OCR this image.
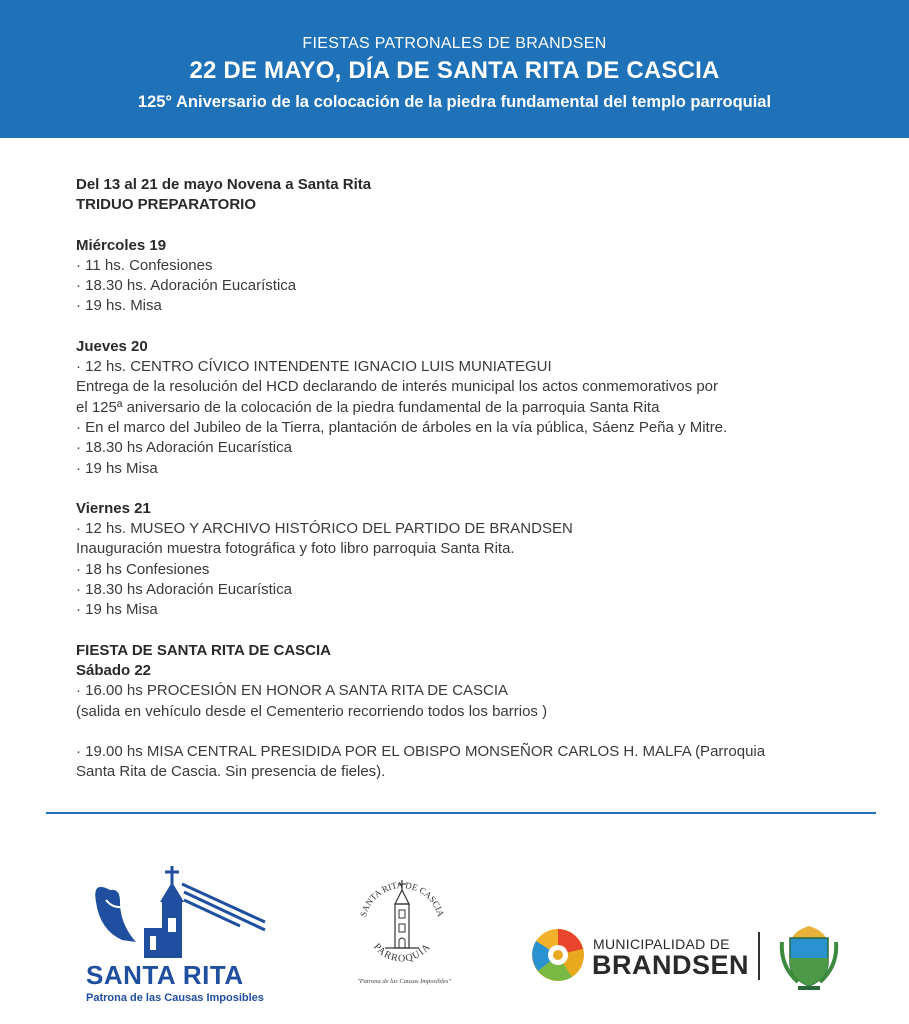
FIESTAS PATRONALES DE BRANDSEN
22 DE MAYO, DÍA DE SANTA RITA DE CASCIA
125° Aniversario de la colocación de la piedra fundamental del templo parroquial
Del 13 al 21 de mayo Novena a Santa Rita
TRIDUO PREPARATORIO
Miércoles 19
· 11 hs. Confesiones
· 18.30 hs. Adoración Eucarística
· 19 hs. Misa
Jueves 20
· 12 hs. CENTRO CÍVICO INTENDENTE IGNACIO LUIS MUNIATEGUI
Entrega de la resolución del HCD declarando de interés municipal los actos conmemorativos por
el 125ª aniversario de la colocación de la piedra fundamental de la parroquia Santa Rita
· En el marco del Jubileo de la Tierra, plantación de árboles en la vía pública, Sáenz Peña y Mitre.
· 18.30 hs Adoración Eucarística
· 19 hs Misa
Viernes 21
· 12 hs. MUSEO Y ARCHIVO HISTÓRICO DEL PARTIDO DE BRANDSEN
Inauguración muestra fotográfica y foto libro parroquia Santa Rita.
· 18 hs Confesiones
· 18.30 hs Adoración Eucarística
· 19 hs Misa
FIESTA DE SANTA RITA DE CASCIA
Sábado 22
· 16.00 hs PROCESIÓN EN HONOR A SANTA RITA DE CASCIA
(salida en vehículo desde el Cementerio recorriendo todos los barrios )
· 19.00 hs MISA CENTRAL PRESIDIDA POR EL OBISPO MONSEÑOR CARLOS H. MALFA (Parroquia
Santa Rita de Cascia. Sin presencia de fieles).
SANTA RITA
Patrona de las Causas Imposibles
SANTA RITA DE CASCIA
PARROQUIA
"Patrona de las Causas Imposibles"
MUNICIPALIDAD DE
BRANDSEN
